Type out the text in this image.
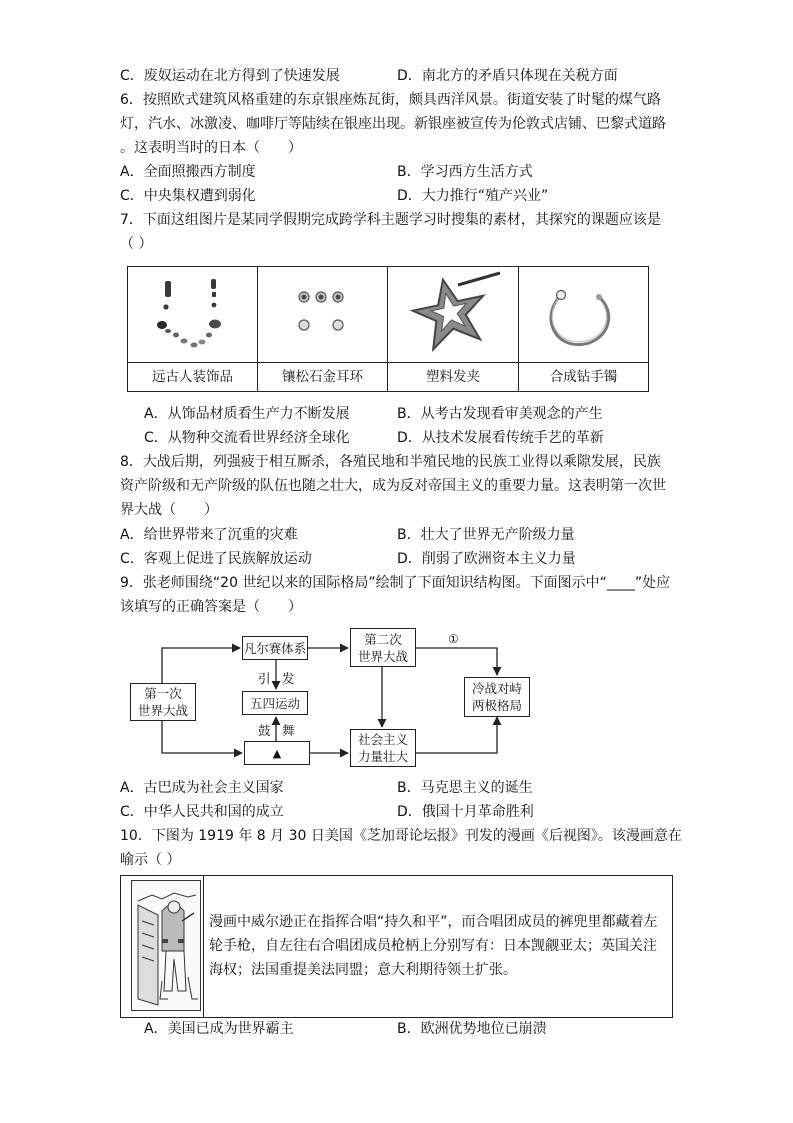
C．废奴运动在北方得到了快速发展	D．南北方的矛盾只体现在关税方面
6．按照欧式建筑风格重建的东京银座炼瓦街，颇具西洋风景。街道安装了时髦的煤气路
灯，汽水、冰激凌、咖啡厅等陆续在银座出现。新银座被宣传为伦敦式店铺、巴黎式道路
。这表明当时的日本（　　）
A．全面照搬西方制度	B．学习西方生活方式
C．中央集权遭到弱化	D．大力推行“殖产兴业”
7．下面这组图片是某同学假期完成跨学科主题学习时搜集的素材，其探究的课题应该是
（ ）
远古人装饰品	镶松石金耳环	塑料发夹	合成钻手镯
A．从饰品材质看生产力不断发展	B．从考古发现看审美观念的产生
C．从物种交流看世界经济全球化	D．从技术发展看传统手艺的革新
8．大战后期，列强疲于相互厮杀，各殖民地和半殖民地的民族工业得以乘隙发展，民族
资产阶级和无产阶级的队伍也随之壮大，成为反对帝国主义的重要力量。这表明第一次世
界大战（　　）
A．给世界带来了沉重的灾难	B．壮大了世界无产阶级力量
C．客观上促进了民族解放运动	D．削弱了欧洲资本主义力量
9．张老师围绕“20 世纪以来的国际格局”绘制了下面知识结构图。下面图示中“____”处应
该填写的正确答案是（　　）
第一次
世界大战
凡尔赛体系
五四运动
▲
第二次
世界大战
社会主义
力量壮大
冷战对峙
两极格局
引 发
鼓 舞
①
A．古巴成为社会主义国家	B．马克思主义的诞生
C．中华人民共和国的成立	D．俄国十月革命胜利
10．下图为 1919 年 8 月 30 日美国《芝加哥论坛报》刊发的漫画《后视图》。该漫画意在
喻示（ ）
漫画中威尔逊正在指挥合唱“持久和平”，而合唱团成员的裤兜里都藏着左
轮手枪，自左往右合唱团成员枪柄上分别写有：日本觊觎亚太；英国关注
海权；法国重提美法同盟；意大利期待领土扩张。
A．美国已成为世界霸主	B．欧洲优势地位已崩溃
